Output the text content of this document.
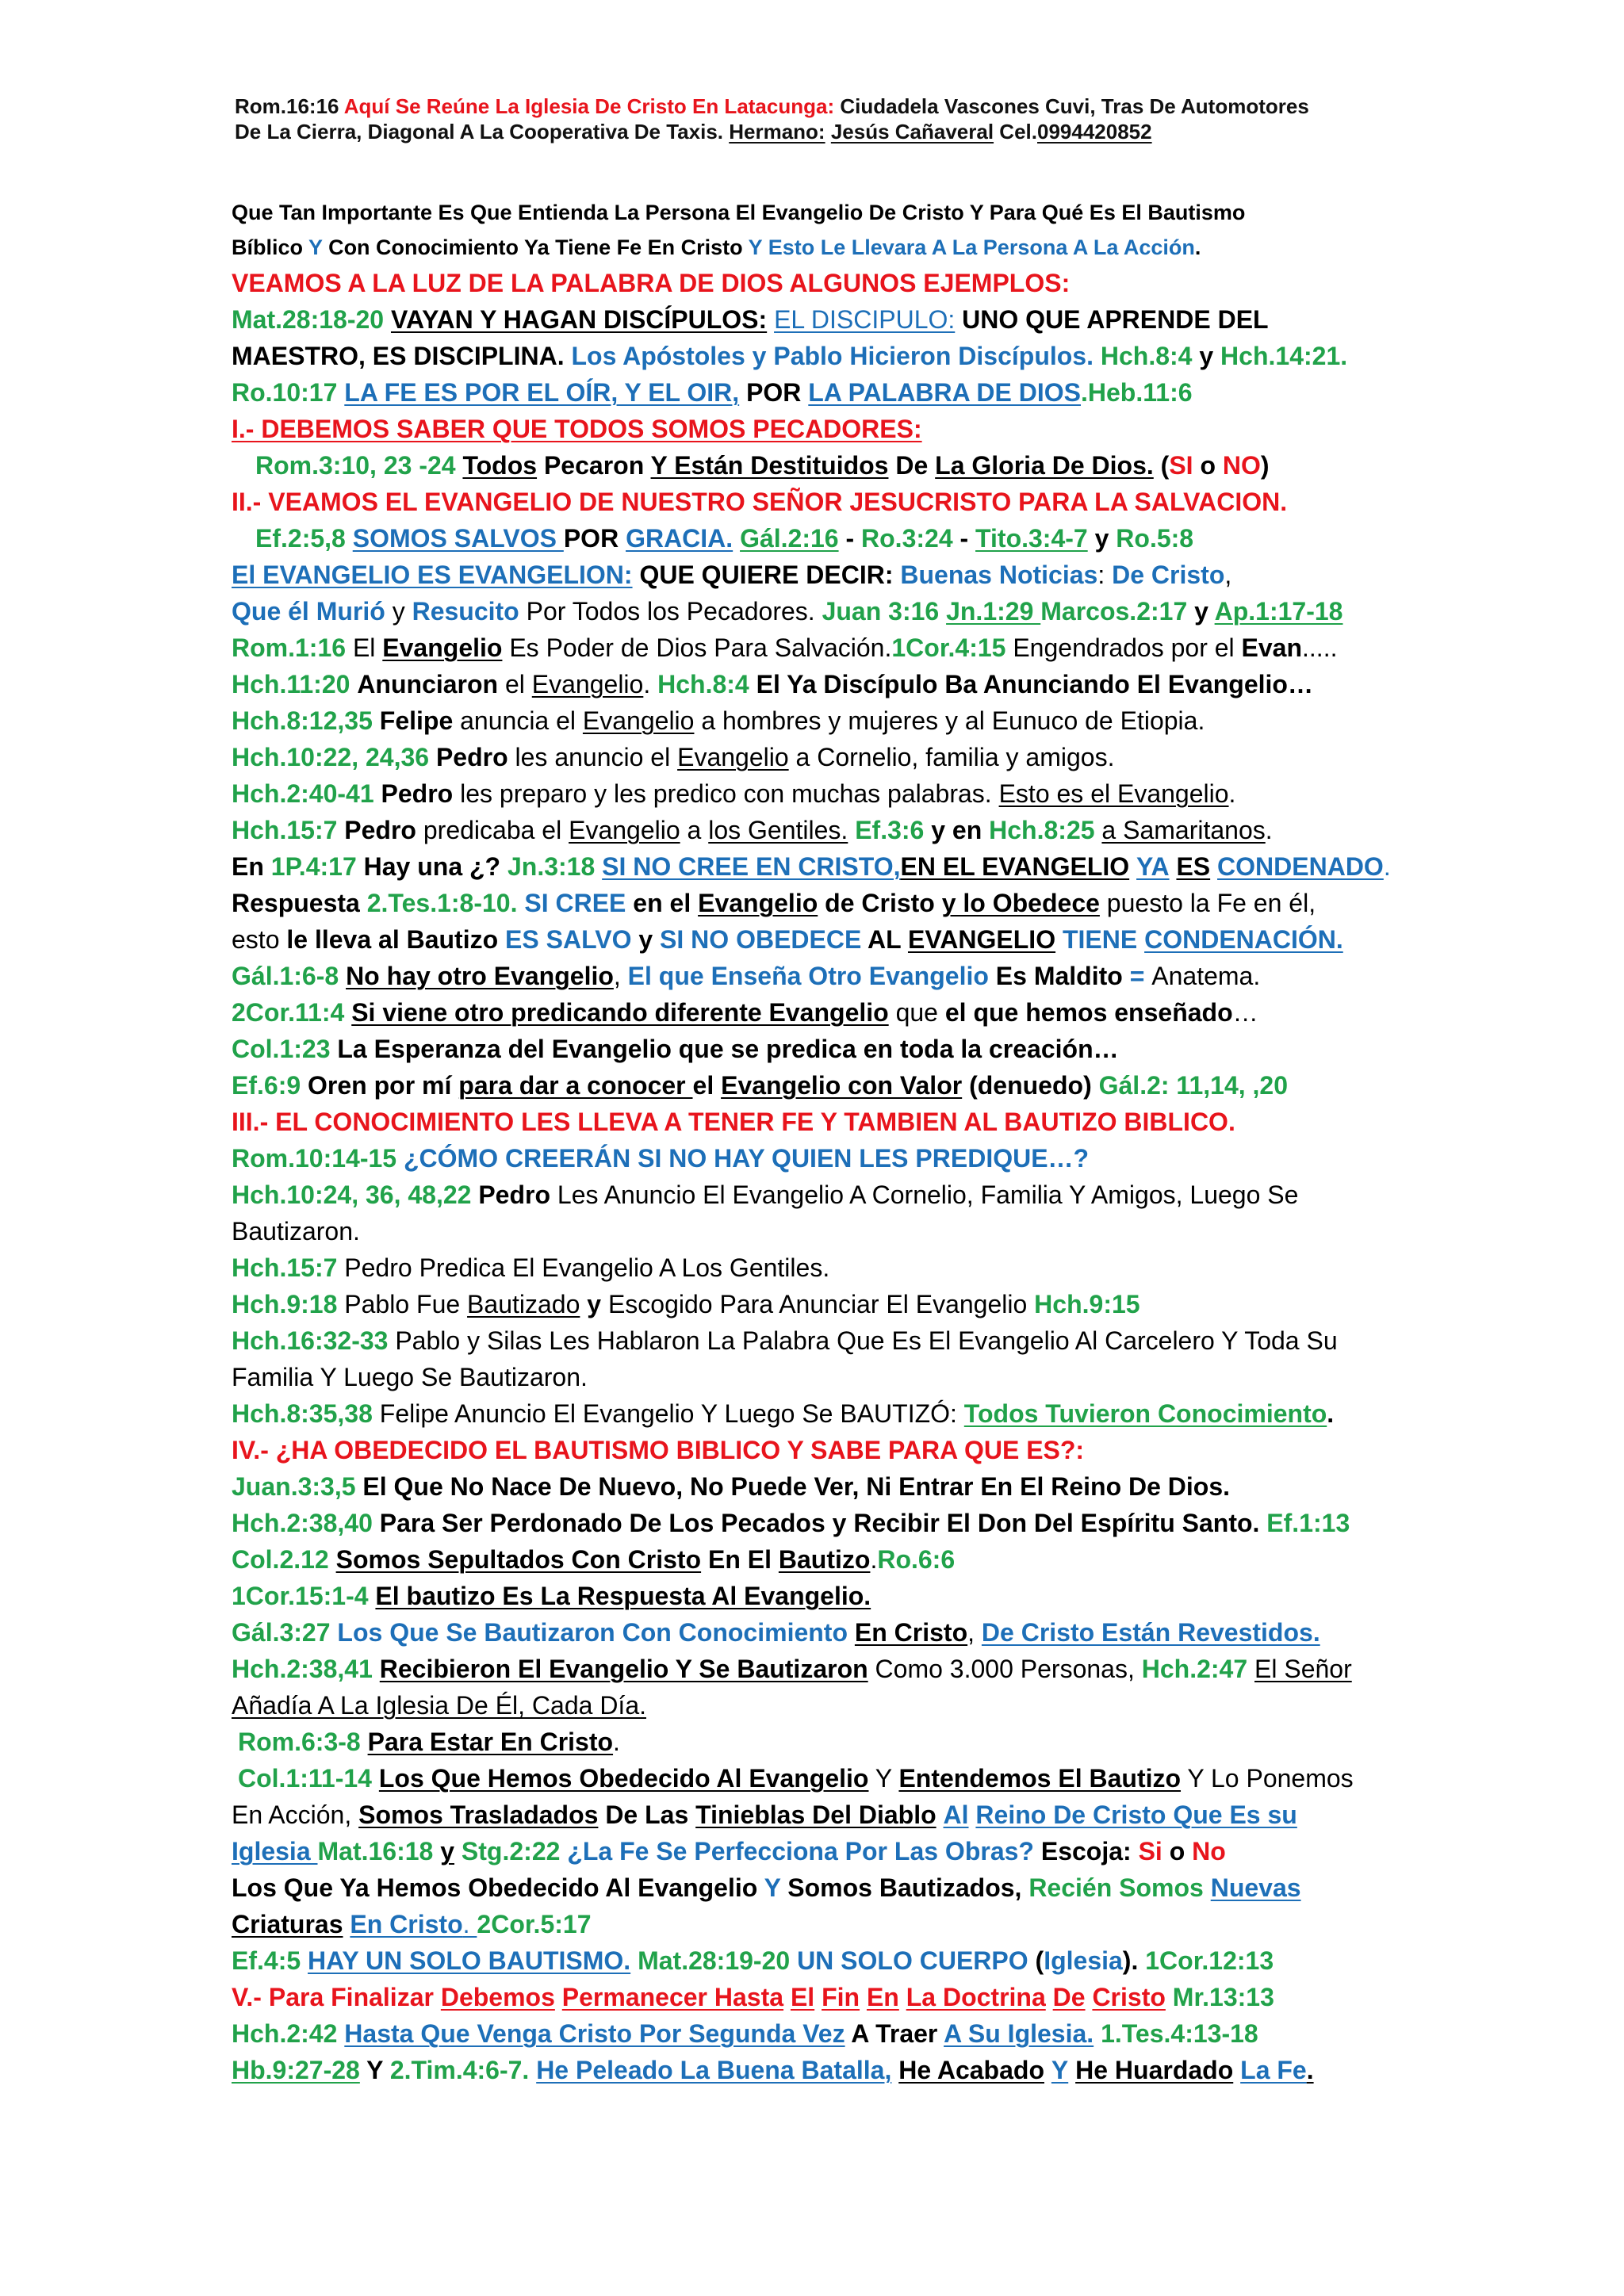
Rom.16:16 Aquí Se Reúne La Iglesia De Cristo En Latacunga: Ciudadela Vascones Cuvi, Tras De Automotores
De La Cierra, Diagonal A La Cooperativa De Taxis. Hermano: Jesús Cañaveral Cel.0994420852
Que Tan Importante Es Que Entienda La Persona El Evangelio De Cristo Y Para Qué Es El Bautismo
Bíblico Y Con Conocimiento Ya Tiene Fe En Cristo Y Esto Le Llevara A La Persona A La Acción.
VEAMOS A LA LUZ DE LA PALABRA DE DIOS ALGUNOS EJEMPLOS:
Mat.28:18-20 VAYAN Y HAGAN DISCÍPULOS: EL DISCIPULO: UNO QUE APRENDE DEL
MAESTRO, ES DISCIPLINA. Los Apóstoles y Pablo Hicieron Discípulos. Hch.8:4 y Hch.14:21.
Ro.10:17 LA FE ES POR EL OÍR, Y EL OIR, POR LA PALABRA DE DIOS.Heb.11:6
I.- DEBEMOS SABER QUE TODOS SOMOS PECADORES:
Rom.3:10, 23 -24 Todos Pecaron Y Están Destituidos De La Gloria De Dios. (SI o NO)
II.- VEAMOS EL EVANGELIO DE NUESTRO SEÑOR JESUCRISTO PARA LA SALVACION.
Ef.2:5,8 SOMOS SALVOS POR GRACIA. Gál.2:16 - Ro.3:24 - Tito.3:4-7 y Ro.5:8
El EVANGELIO ES EVANGELION: QUE QUIERE DECIR: Buenas Noticias: De Cristo,
Que él Murió y Resucito Por Todos los Pecadores. Juan 3:16 Jn.1:29 Marcos.2:17 y Ap.1:17-18
Rom.1:16 El Evangelio Es Poder de Dios Para Salvación.1Cor.4:15 Engendrados por el Evan.....
Hch.11:20 Anunciaron el Evangelio. Hch.8:4 El Ya Discípulo Ba Anunciando El Evangelio…
Hch.8:12,35 Felipe anuncia el Evangelio a hombres y mujeres y al Eunuco de Etiopia.
Hch.10:22, 24,36 Pedro les anuncio el Evangelio a Cornelio, familia y amigos.
Hch.2:40-41 Pedro les preparo y les predico con muchas palabras. Esto es el Evangelio.
Hch.15:7 Pedro predicaba el Evangelio a los Gentiles. Ef.3:6 y en Hch.8:25 a Samaritanos.
En 1P.4:17 Hay una ¿? Jn.3:18 SI NO CREE EN CRISTO,EN EL EVANGELIO YA ES CONDENADO.
Respuesta 2.Tes.1:8-10. SI CREE en el Evangelio de Cristo y lo Obedece puesto la Fe en él,
esto le lleva al Bautizo ES SALVO y SI NO OBEDECE AL EVANGELIO TIENE CONDENACIÓN.
Gál.1:6-8 No hay otro Evangelio, El que Enseña Otro Evangelio Es Maldito = Anatema.
2Cor.11:4 Si viene otro predicando diferente Evangelio que el que hemos enseñado…
Col.1:23 La Esperanza del Evangelio que se predica en toda la creación…
Ef.6:9 Oren por mí para dar a conocer el Evangelio con Valor (denuedo) Gál.2: 11,14, ,20
III.- EL CONOCIMIENTO LES LLEVA A TENER FE Y TAMBIEN AL BAUTIZO BIBLICO.
Rom.10:14-15 ¿CÓMO CREERÁN SI NO HAY QUIEN LES PREDIQUE…?
Hch.10:24, 36, 48,22 Pedro Les Anuncio El Evangelio A Cornelio, Familia Y Amigos, Luego Se Bautizaron.
Hch.15:7 Pedro Predica El Evangelio A Los Gentiles.
Hch.9:18 Pablo Fue Bautizado y Escogido Para Anunciar El Evangelio Hch.9:15
Hch.16:32-33 Pablo y Silas Les Hablaron La Palabra Que Es El Evangelio Al Carcelero Y Toda Su Familia Y Luego Se Bautizaron.
Hch.8:35,38 Felipe Anuncio El Evangelio Y Luego Se BAUTIZÓ: Todos Tuvieron Conocimiento.
IV.- ¿HA OBEDECIDO EL BAUTISMO BIBLICO Y SABE PARA QUE ES?:
Juan.3:3,5 El Que No Nace De Nuevo, No Puede Ver, Ni Entrar En El Reino De Dios.
Hch.2:38,40 Para Ser Perdonado De Los Pecados y Recibir El Don Del Espíritu Santo. Ef.1:13
Col.2.12 Somos Sepultados Con Cristo En El Bautizo.Ro.6:6
1Cor.15:1-4 El bautizo Es La Respuesta Al Evangelio.
Gál.3:27 Los Que Se Bautizaron Con Conocimiento En Cristo, De Cristo Están Revestidos.
Hch.2:38,41 Recibieron El Evangelio Y Se Bautizaron Como 3.000 Personas, Hch.2:47 El Señor Añadía A La Iglesia De Él, Cada Día.
Rom.6:3-8 Para Estar En Cristo.
Col.1:11-14 Los Que Hemos Obedecido Al Evangelio Y Entendemos El Bautizo Y Lo Ponemos
En Acción, Somos Trasladados De Las Tinieblas Del Diablo Al Reino De Cristo Que Es su
Iglesia Mat.16:18 y Stg.2:22 ¿La Fe Se Perfecciona Por Las Obras? Escoja: Si o No
Los Que Ya Hemos Obedecido Al Evangelio Y Somos Bautizados, Recién Somos Nuevas
Criaturas En Cristo. 2Cor.5:17
Ef.4:5 HAY UN SOLO BAUTISMO. Mat.28:19-20 UN SOLO CUERPO (Iglesia). 1Cor.12:13
V.- Para Finalizar Debemos Permanecer Hasta El Fin En La Doctrina De Cristo Mr.13:13
Hch.2:42 Hasta Que Venga Cristo Por Segunda Vez A Traer A Su Iglesia. 1.Tes.4:13-18
Hb.9:27-28 Y 2.Tim.4:6-7. He Peleado La Buena Batalla, He Acabado Y He Huardado La Fe.
